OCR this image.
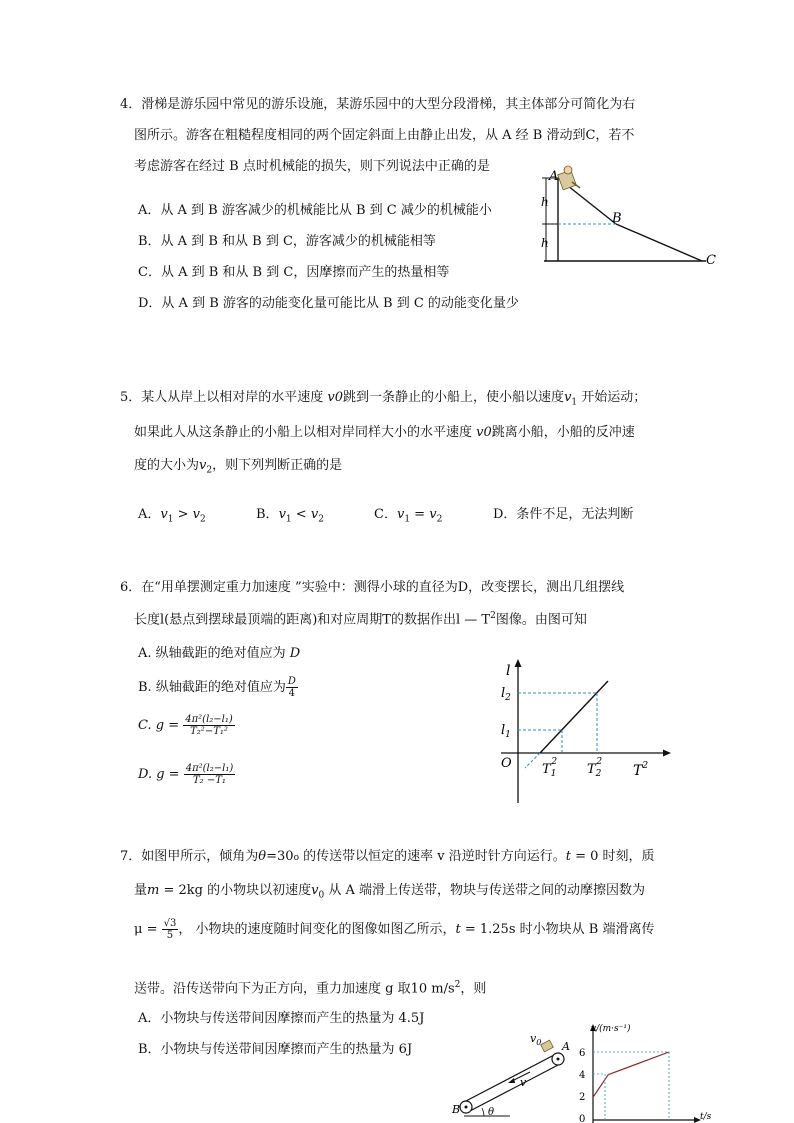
4．滑梯是游乐园中常见的游乐设施，某游乐园中的大型分段滑梯，其主体部分可简化为右
图所示。游客在粗糙程度相同的两个固定斜面上由静止出发，从 A 经 B 滑动到C，若不
考虑游客在经过 B 点时机械能的损失，则下列说法中正确的是
A．从 A 到 B 游客减少的机械能比从 B 到 C 减少的机械能小
B．从 A 到 B 和从 B 到 C，游客减少的机械能相等
C．从 A 到 B 和从 B 到 C，因摩擦而产生的热量相等
D．从 A 到 B 游客的动能变化量可能比从 B 到 C 的动能变化量少
A
B
C
h
h
5．某人从岸上以相对岸的水平速度 v0跳到一条静止的小船上，使小船以速度$v_1$ 开始运动；
如果此人从这条静止的小船上以相对岸同样大小的水平速度 v0跳离小船，小船的反冲速
度的大小为$v_2$，则下列判断正确的是
A．$v_1 > v_2$	B．$v_1 < v_2$	C．$v_1 = v_2$	D．条件不足，无法判断
6．在“用单摆测定重力加速度 ”实验中：测得小球的直径为D，改变摆长，测出几组摆线
长度l(悬点到摆球最顶端的距离)和对应周期T的数据作出l — $T^2$图像。由图可知
A. 纵轴截距的绝对值应为 D
B. 纵轴截距的绝对值应为 $\frac{D}{4}$
C. $g = \frac{\text{4π²(l₂−l₁)}}{\text{T₂²−T₁²}}$
D. $g = \frac{\text{4π²(l₂−l₁)}}{\text{T₂ −T₁}}$
l
$l_2$
$l_1$
O $T_12$ $T_22$
$T^2$
7．如图甲所示，倾角为θ=30o 的传送带以恒定的速率 v 沿逆时针方向运行。t = 0 时刻，质
量m = 2kg 的小物块以初速度$v_0$ 从 A 端滑上传送带，物块与传送带之间的动摩擦因数为
$\mu = \frac{√3}{5}$ ， 小物块的速度随时间变化的图像如图乙所示，t = 1.25s 时小物块从 B 端滑离传
送带。沿传送带向下为正方向，重力加速度 g 取10 $m/s^2$，则
A．小物块与传送带间因摩擦而产生的热量为 4.5J
B．小物块与传送带间因摩擦而产生的热量为 6J
B
A
v
$v_0$
θ
v/(m·s⁻¹)
6
4
2
0	t/s
